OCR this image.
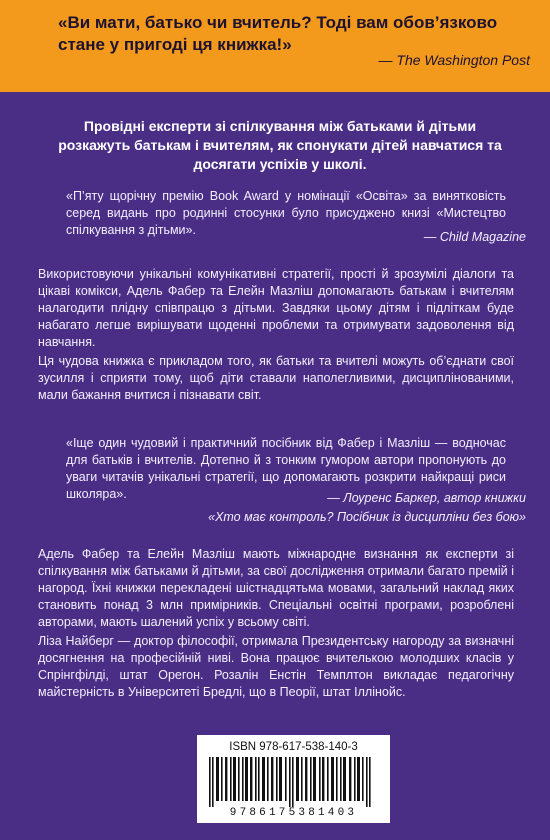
«Ви мати, батько чи вчитель? Тоді вам обов’язково стане у пригоді ця книжка!»
— The Washington Post
Провідні експерти зі спілкування між батьками й дітьми розкажуть батькам і вчителям, як спонукати дітей навчатися та досягати успіхів у школі.
«П’яту щорічну премію Book Award у номінації «Освіта» за винятковість серед видань про родинні стосунки було присуджено книзі «Мистецтво спілкування з дітьми».	— Child Magazine
Використовуючи унікальні комунікативні стратегії, прості й зрозумілі діалоги та цікаві комікси, Адель Фабер та Елейн Мазліш допомагають батькам і вчителям налагодити плідну співпрацю з дітьми. Завдяки цьому дітям і підліткам буде набагато легше вирішувати щоденні проблеми та отримувати задоволення від навчання.
Ця чудова книжка є прикладом того, як батьки та вчителі можуть об’єднати свої зусилля і сприяти тому, щоб діти ставали наполегливими, дисциплінованими, мали бажання вчитися і пізнавати світ.
«Іще один чудовий і практичний посібник від Фабер і Мазліш — водночас для батьків і вчителів. Дотепно й з тонким гумором автори пропонують до уваги читачів унікальні стратегії, що допомагають розкрити найкращі риси школяра».	— Лоуренс Баркер, автор книжки
«Хто має контроль? Посібник із дисципліни без бою»
Адель Фабер та Елейн Мазліш мають міжнародне визнання як експерти зі спілкування між батьками й дітьми, за свої дослідження отримали багато премій і нагород. Їхні книжки перекладені шістнадцятьма мовами, загальний наклад яких становить понад 3 млн примірників. Спеціальні освітні програми, розроблені авторами, мають шалений успіх у всьому світі.
Ліза Найберг — доктор філософії, отримала Президентську нагороду за визначні досягнення на професійній ниві. Вона працює вчителькою молодших класів у Спрінгфілді, штат Орегон. Розалін Енстін Темплтон викладає педагогічну майстерність в Університеті Бредлі, що в Пеорії, штат Іллінойс.
ISBN 978-617-538-140-3
9786175381403
